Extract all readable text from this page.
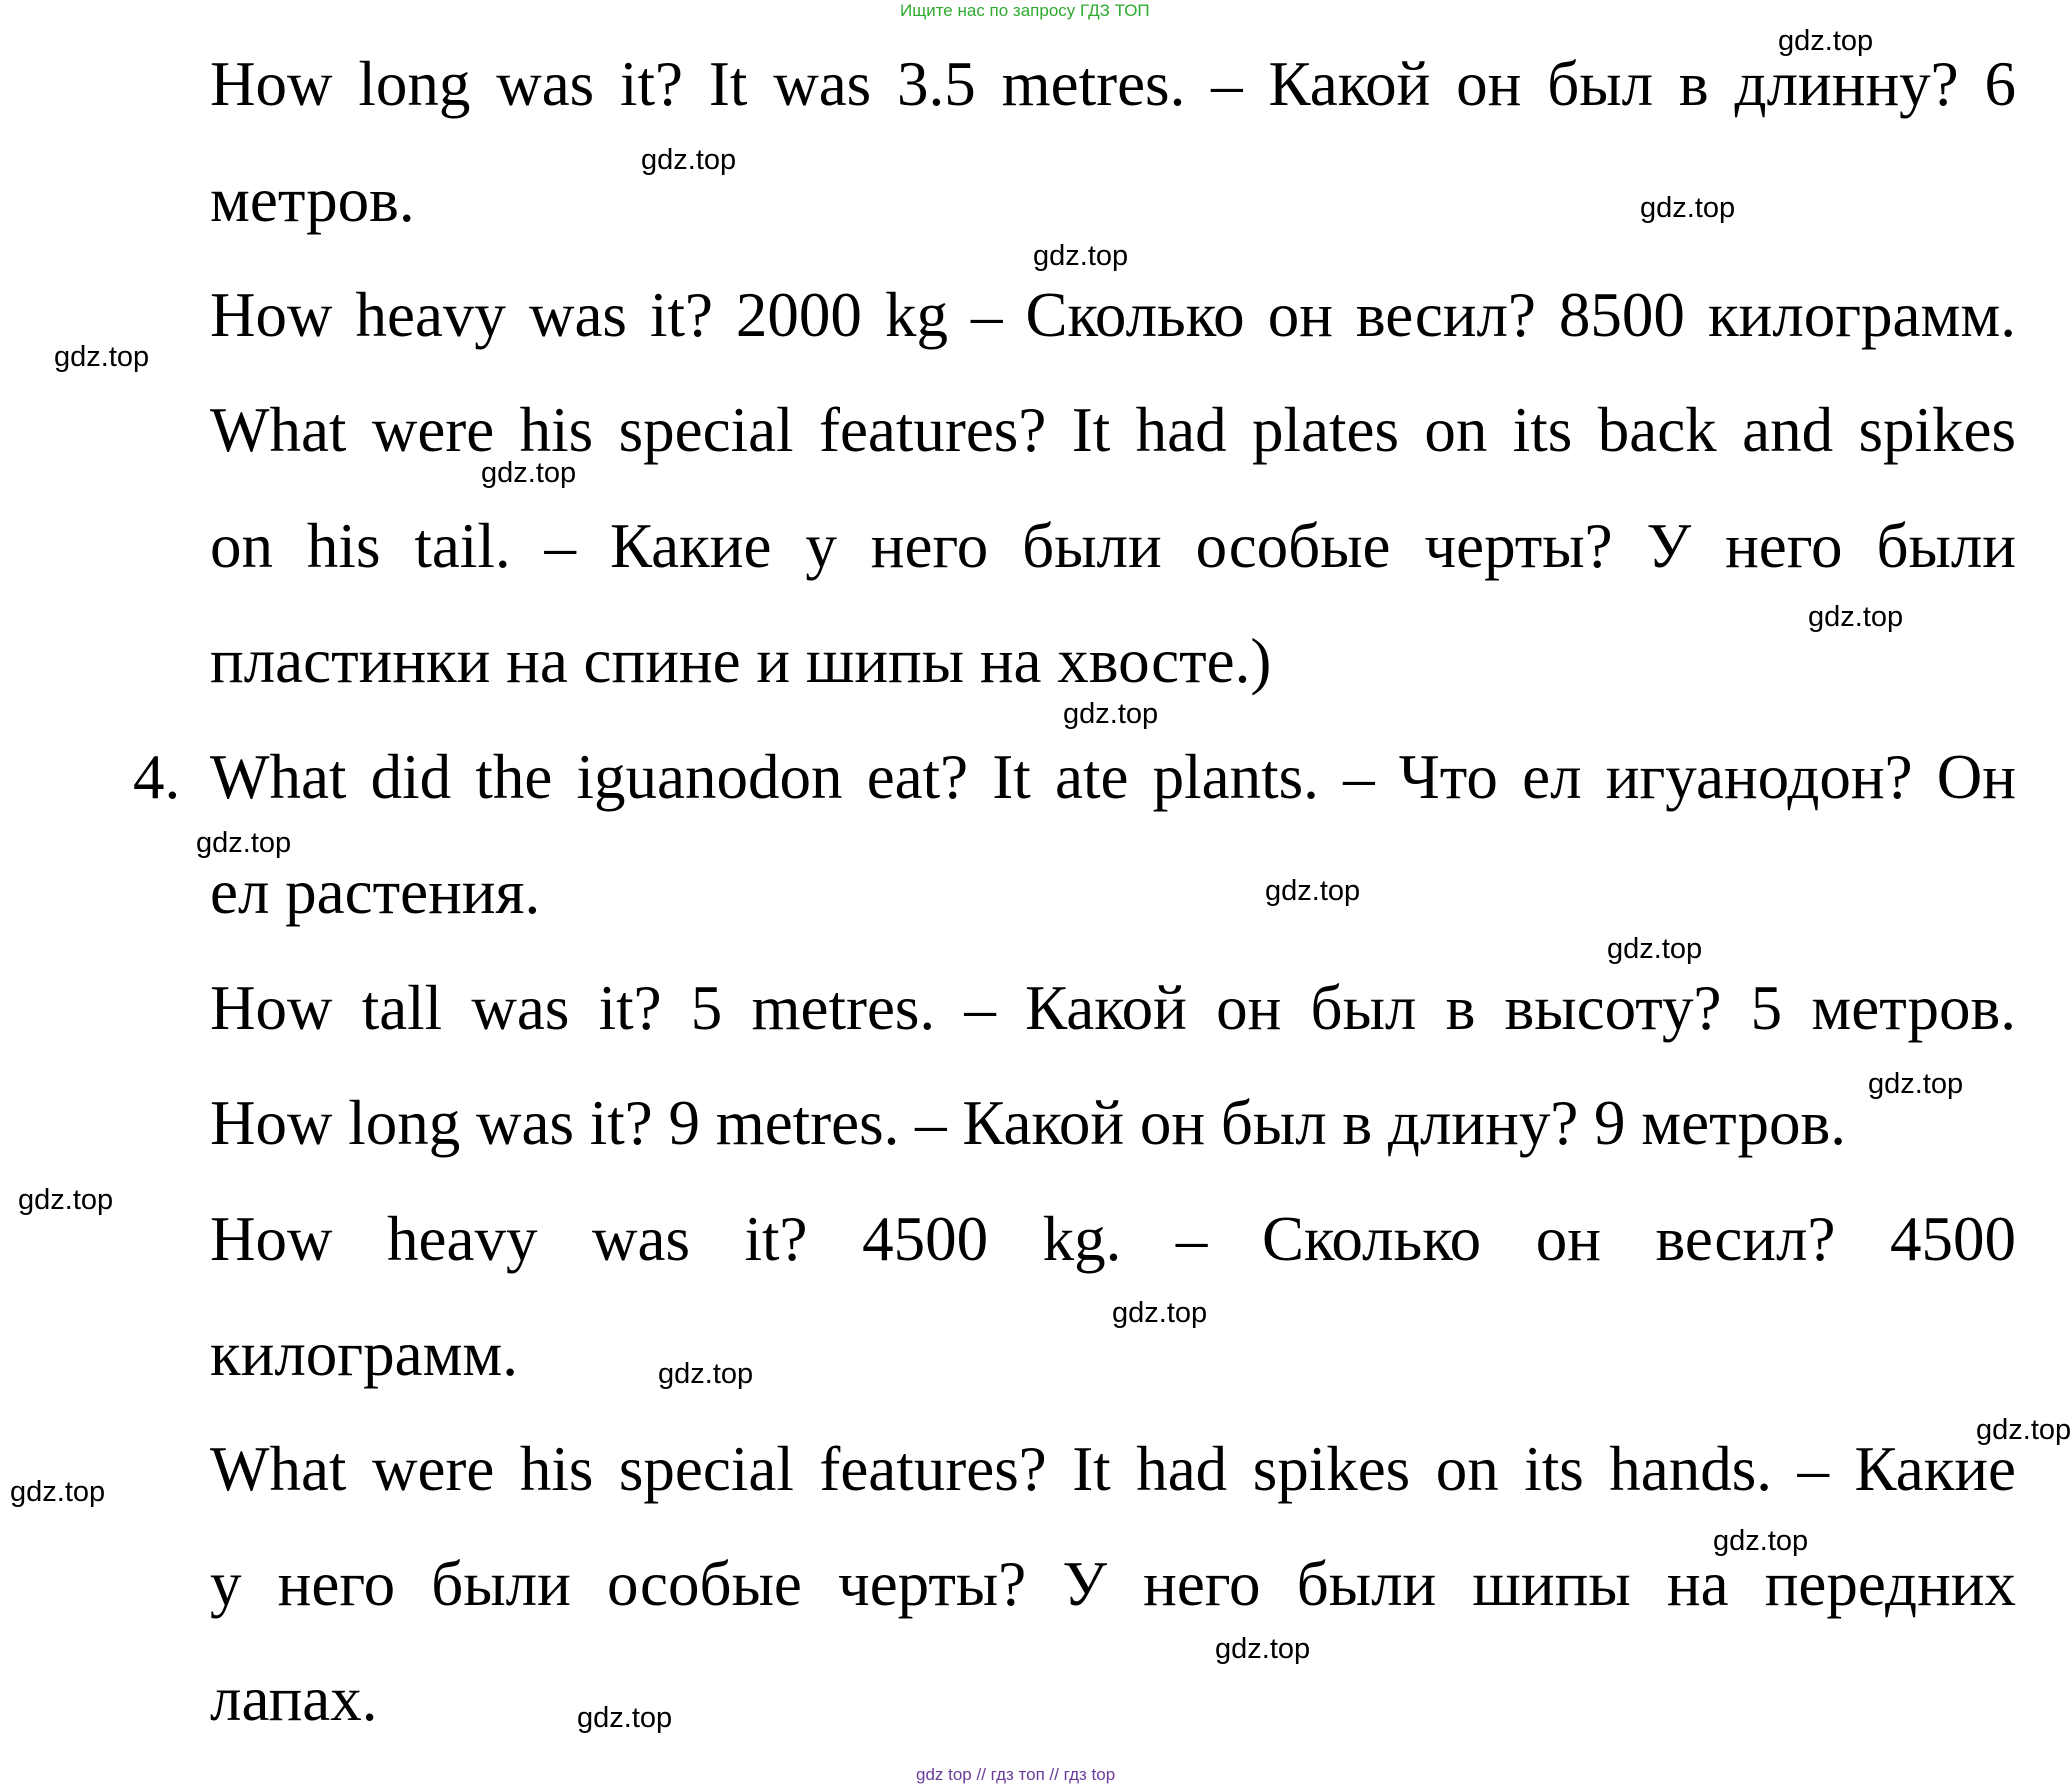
Ищите нас по запросу ГДЗ ТОП
How long was it? It was 3.5 metres. – Какой он был в длинну? 6
метров.
How heavy was it? 2000 kg – Сколько он весил? 8500 килограмм.
What were his special features? It had plates on its back and spikes
on his tail. – Какие у него были особые черты? У него были
пластинки на спине и шипы на хвосте.)
4. What did the iguanodon eat? It ate plants. – Что ел игуанодон? Он
ел растения.
How tall was it? 5 metres. – Какой он был в высоту? 5 метров.
How long was it? 9 metres. – Какой он был в длину? 9 метров.
How heavy was it? 4500 kg. – Сколько он весил? 4500
килограмм.
What were his special features? It had spikes on its hands. – Какие
у него были особые черты? У него были шипы на передних
лапах.
gdz.top
gdz.top
gdz.top
gdz.top
gdz.top
gdz.top
gdz.top
gdz.top
gdz.top
gdz.top
gdz.top
gdz.top
gdz.top
gdz.top
gdz.top
gdz.top
gdz.top
gdz.top
gdz.top
gdz.top
gdz top // гдз топ // гдз top
